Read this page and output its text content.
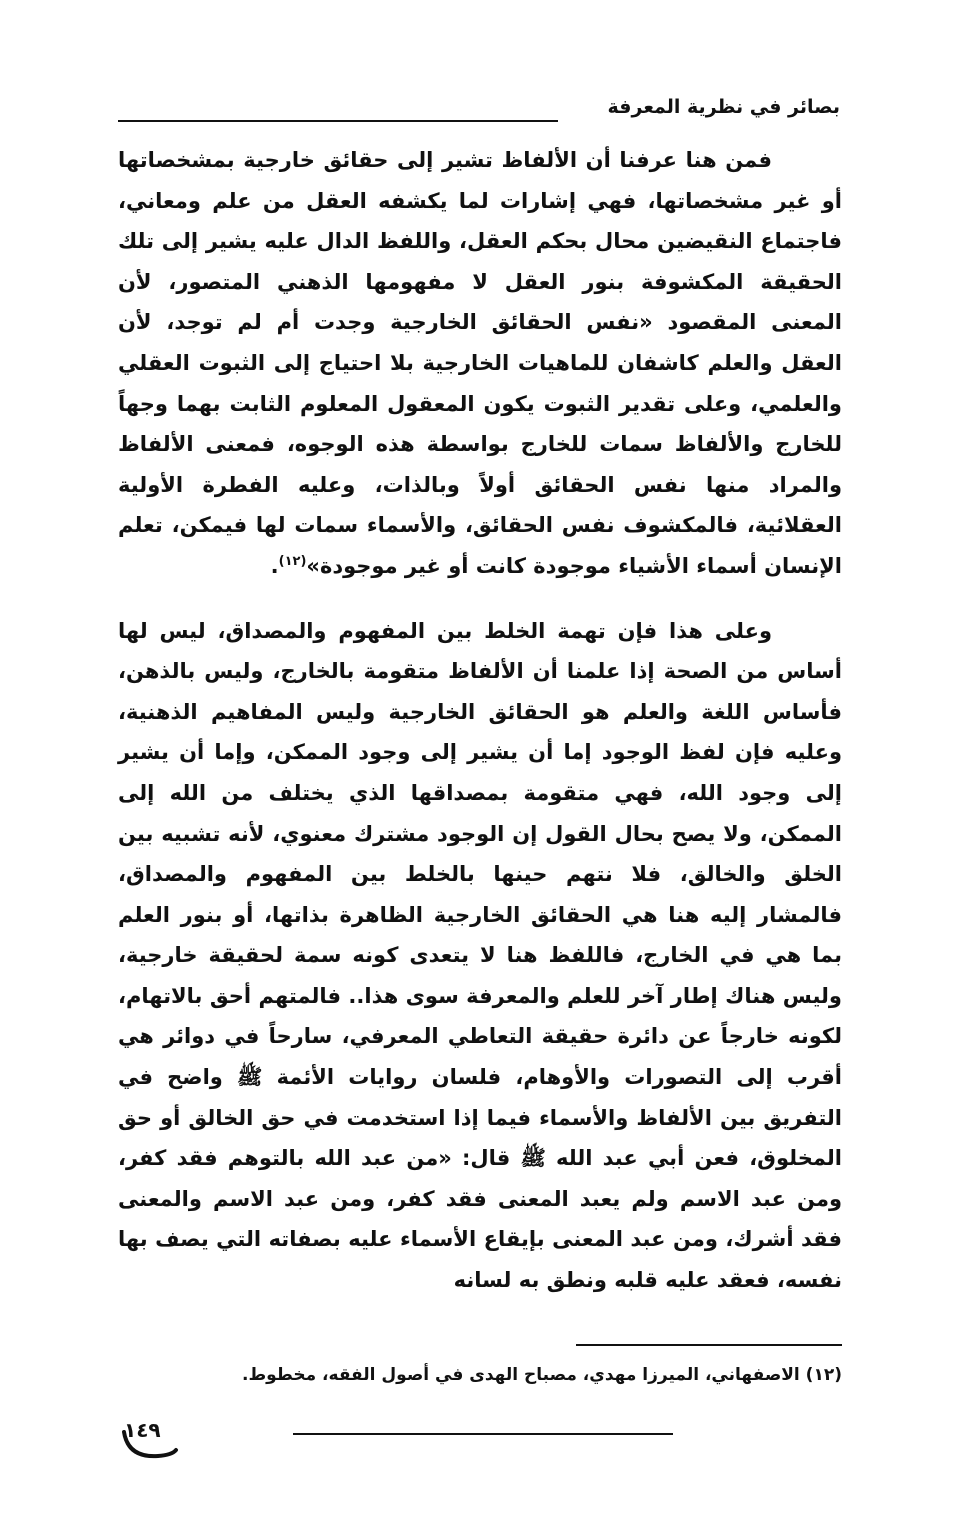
بصائر في نظرية المعرفة

فمن هنا عرفنا أن الألفاظ تشير إلى حقائق خارجية بمشخصاتها أو غير مشخصاتها، فهي إشارات لما يكشفه العقل من علم ومعاني، فاجتماع النقيضين محال بحكم العقل، واللفظ الدال عليه يشير إلى تلك الحقيقة المكشوفة بنور العقل لا مفهومها الذهني المتصور، لأن المعنى المقصود «نفس الحقائق الخارجية وجدت أم لم توجد، لأن العقل والعلم كاشفان للماهيات الخارجية بلا احتياج إلى الثبوت العقلي والعلمي، وعلى تقدير الثبوت يكون المعقول المعلوم الثابت بهما وجهاً للخارج والألفاظ سمات للخارج بواسطة هذه الوجوه، فمعنى الألفاظ والمراد منها نفس الحقائق أولاً وبالذات، وعليه الفطرة الأولية العقلائية، فالمكشوف نفس الحقائق، والأسماء سمات لها فيمكن، تعلم الإنسان أسماء الأشياء موجودة كانت أو غير موجودة»$^{(١٢)}$.

وعلى هذا فإن تهمة الخلط بين المفهوم والمصداق، ليس لها أساس من الصحة إذا علمنا أن الألفاظ متقومة بالخارج، وليس بالذهن، فأساس اللغة والعلم هو الحقائق الخارجية وليس المفاهيم الذهنية، وعليه فإن لفظ الوجود إما أن يشير إلى وجود الممكن، وإما أن يشير إلى وجود الله، فهي متقومة بمصداقها الذي يختلف من الله إلى الممكن، ولا يصح بحال القول إن الوجود مشترك معنوي، لأنه تشبيه بين الخلق والخالق، فلا نتهم حينها بالخلط بين المفهوم والمصداق، فالمشار إليه هنا هي الحقائق الخارجية الظاهرة بذاتها، أو بنور العلم بما هي في الخارج، فاللفظ هنا لا يتعدى كونه سمة لحقيقة خارجية، وليس هناك إطار آخر للعلم والمعرفة سوى هذا.. فالمتهم أحق بالاتهام، لكونه خارجاً عن دائرة حقيقة التعاطي المعرفي، سارحاً في دوائر هي أقرب إلى التصورات والأوهام، فلسان روايات الأئمة ﷺ واضح في التفريق بين الألفاظ والأسماء فيما إذا استخدمت في حق الخالق أو حق المخلوق، فعن أبي عبد الله ﷺ قال: «من عبد الله بالتوهم فقد كفر، ومن عبد الاسم ولم يعبد المعنى فقد كفر، ومن عبد الاسم والمعنى فقد أشرك، ومن عبد المعنى بإيقاع الأسماء عليه بصفاته التي يصف بها نفسه، فعقد عليه قلبه ونطق به لسانه

(١٢) الاصفهاني، الميرزا مهدي، مصباح الهدى في أصول الفقه، مخطوط.
١٤٩
